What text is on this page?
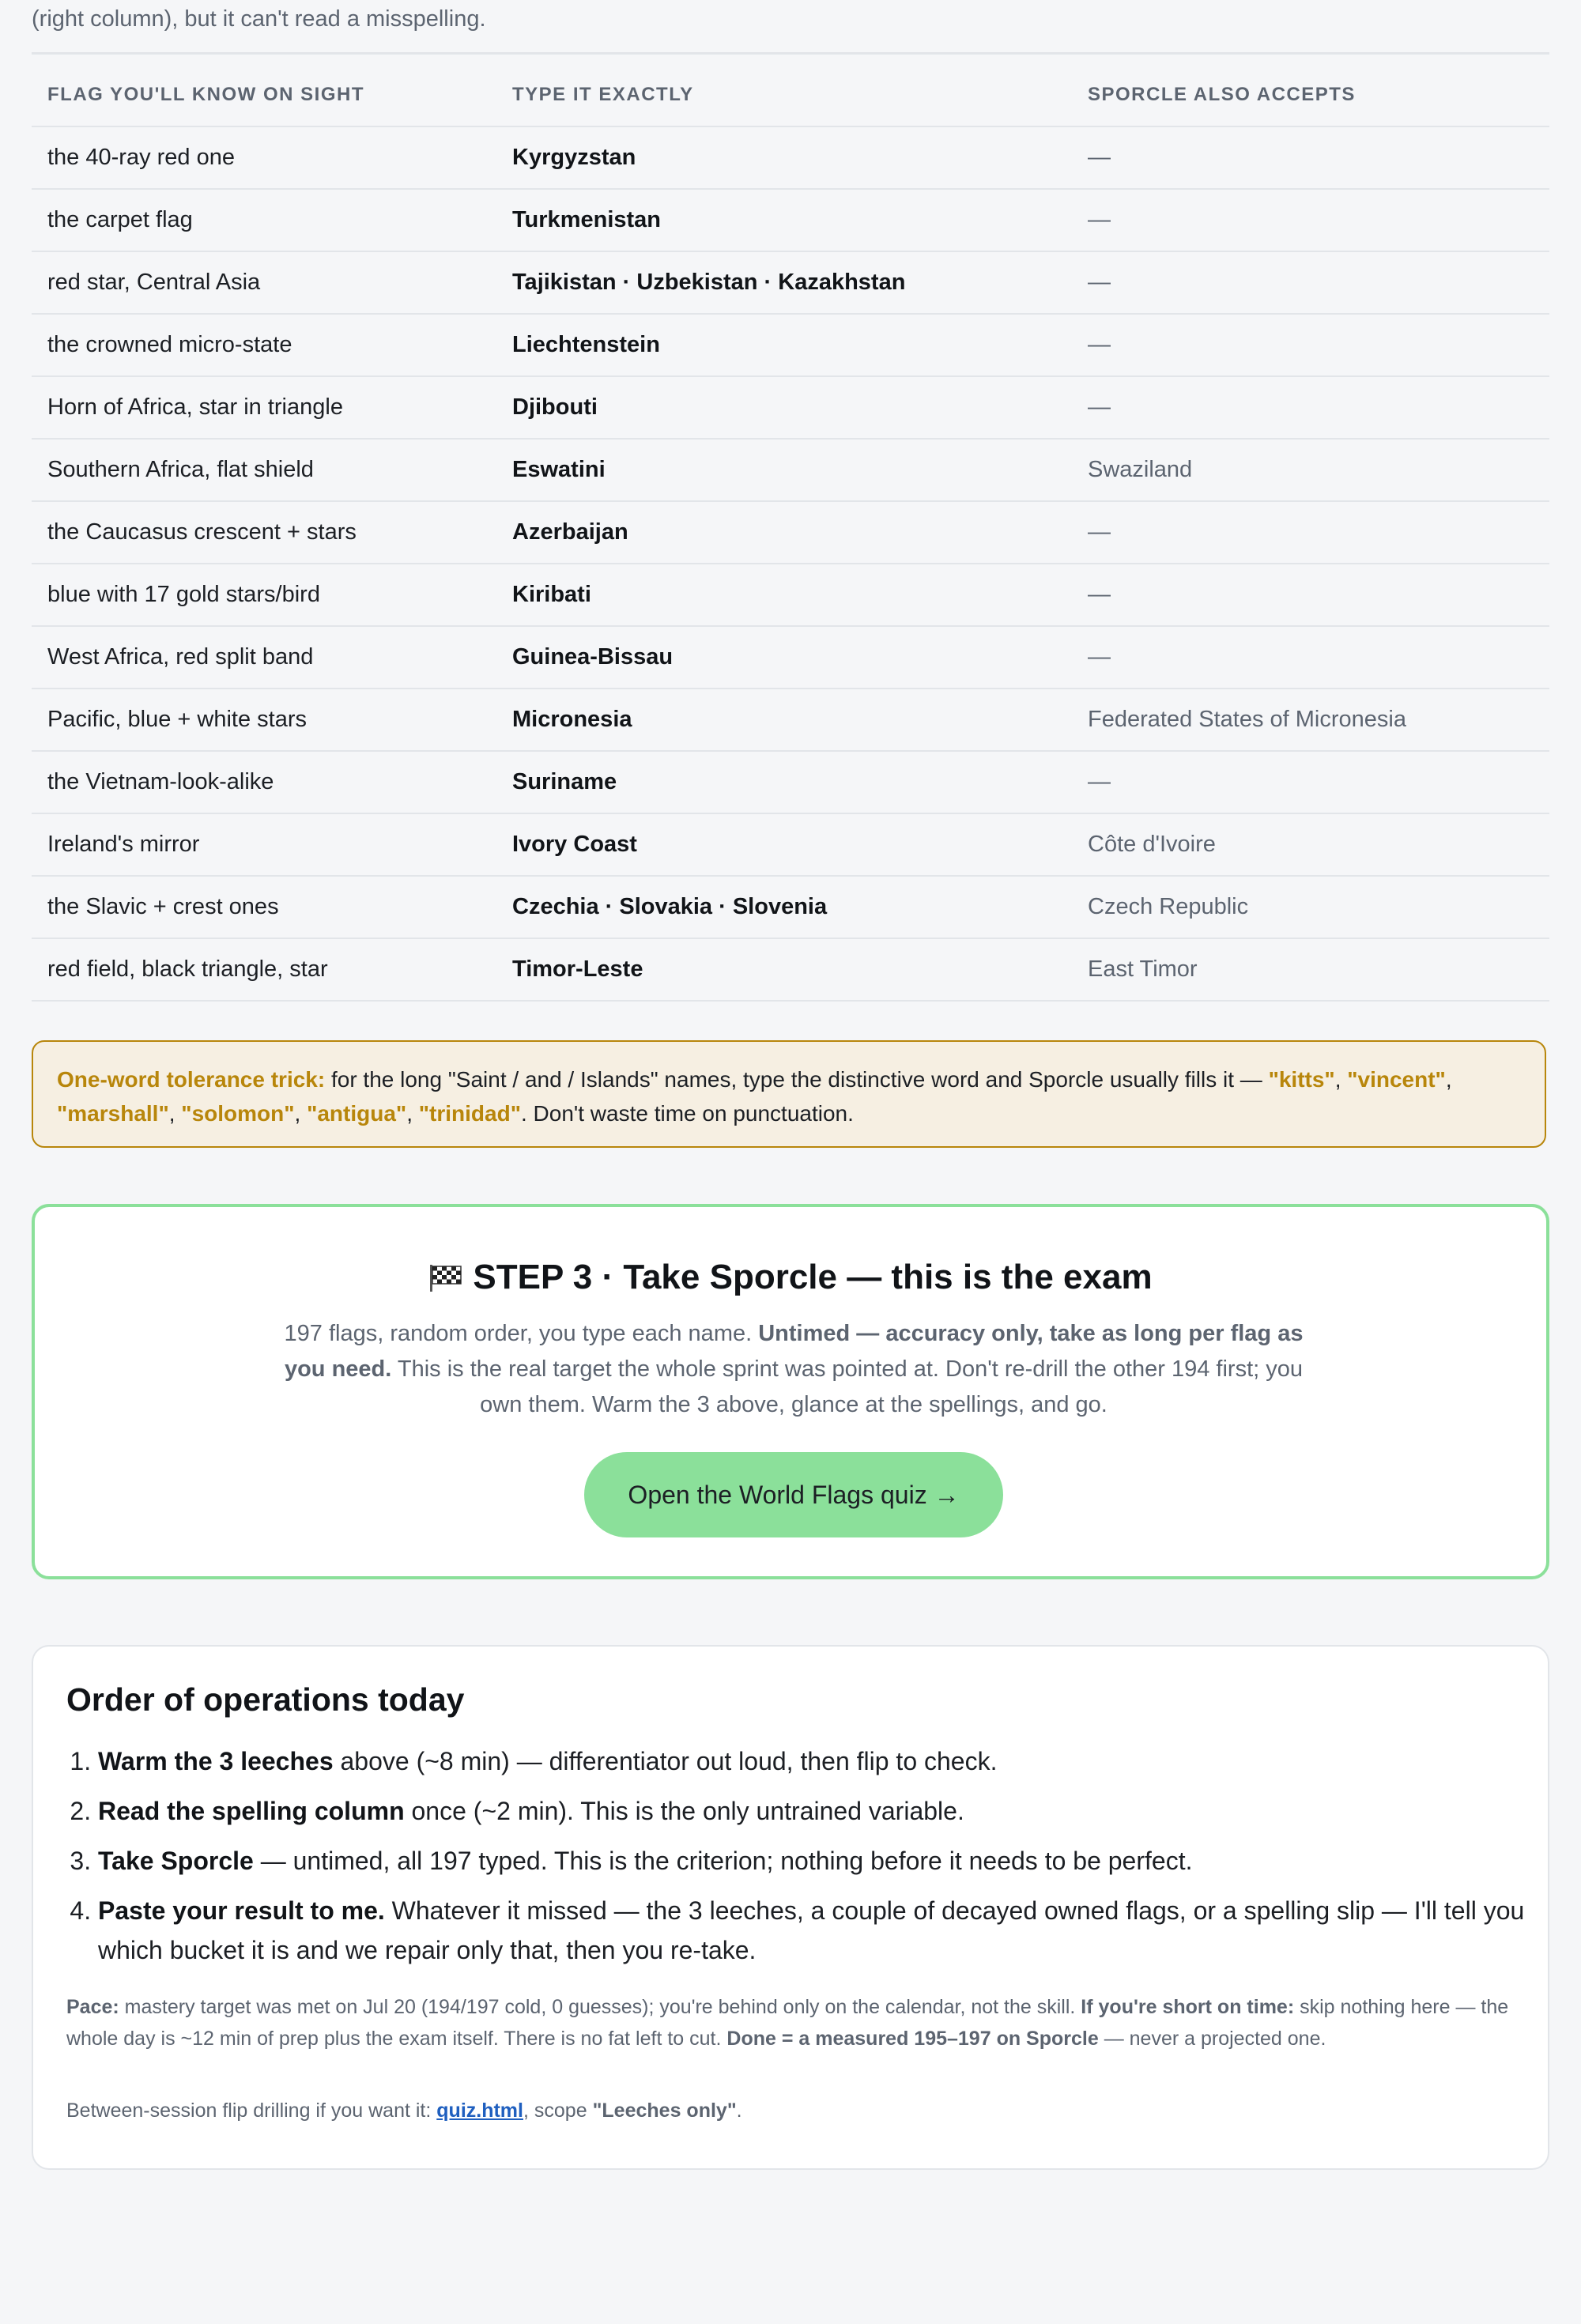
(right column), but it can't read a misspelling.
FLAG YOU'LL KNOW ON SIGHT	TYPE IT EXACTLY	SPORCLE ALSO ACCEPTS
the 40-ray red one	Kyrgyzstan	—
the carpet flag	Turkmenistan	—
red star, Central Asia	Tajikistan · Uzbekistan · Kazakhstan	—
the crowned micro-state	Liechtenstein	—
Horn of Africa, star in triangle	Djibouti	—
Southern Africa, flat shield	Eswatini	Swaziland
the Caucasus crescent + stars	Azerbaijan	—
blue with 17 gold stars/bird	Kiribati	—
West Africa, red split band	Guinea-Bissau	—
Pacific, blue + white stars	Micronesia	Federated States of Micronesia
the Vietnam-look-alike	Suriname	—
Ireland's mirror	Ivory Coast	Côte d'Ivoire
the Slavic + crest ones	Czechia · Slovakia · Slovenia	Czech Republic
red field, black triangle, star	Timor-Leste	East Timor
One-word tolerance trick: for the long "Saint / and / Islands" names, type the distinctive word and Sporcle usually fills it — "kitts", "vincent", "marshall", "solomon", "antigua", "trinidad". Don't waste time on punctuation.
STEP 3 · Take Sporcle — this is the exam

197 flags, random order, you type each name. Untimed — accuracy only, take as long per flag as you need. This is the real target the whole sprint was pointed at. Don't re-drill the other 194 first; you own them. Warm the 3 above, glance at the spellings, and go.

Open the World Flags quiz →
Order of operations today
1. Warm the 3 leeches above (~8 min) — differentiator out loud, then flip to check.
2. Read the spelling column once (~2 min). This is the only untrained variable.
3. Take Sporcle — untimed, all 197 typed. This is the criterion; nothing before it needs to be perfect.
4. Paste your result to me. Whatever it missed — the 3 leeches, a couple of decayed owned flags, or a spelling slip — I'll tell you which bucket it is and we repair only that, then you re-take.

Pace: mastery target was met on Jul 20 (194/197 cold, 0 guesses); you're behind only on the calendar, not the skill. If you're short on time: skip nothing here — the whole day is ~12 min of prep plus the exam itself. There is no fat left to cut. Done = a measured 195–197 on Sporcle — never a projected one.

Between-session flip drilling if you want it: quiz.html, scope "Leeches only".
